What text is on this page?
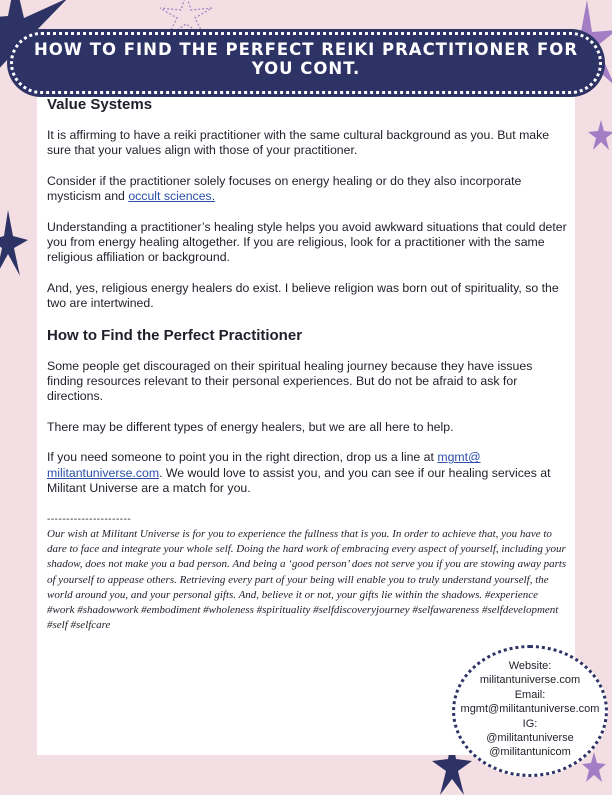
HOW TO FIND THE PERFECT REIKI PRACTITIONER FOR YOU CONT.
Value Systems

It is affirming to have a reiki practitioner with the same cultural background as you. But make sure that your values align with those of your practitioner.

Consider if the practitioner solely focuses on energy healing or do they also incorporate mysticism and occult sciences.

Understanding a practitioner’s healing style helps you avoid awkward situations that could deter you from energy healing altogether. If you are religious, look for a practitioner with the same religious affiliation or background.

And, yes, religious energy healers do exist. I believe religion was born out of spirituality, so the two are intertwined.

How to Find the Perfect Practitioner

Some people get discouraged on their spiritual healing journey because they have issues finding resources relevant to their personal experiences. But do not be afraid to ask for directions.

There may be different types of energy healers, but we are all here to help.

If you need someone to point you in the right direction, drop us a line at mgmt@ militantuniverse.com. We would love to assist you, and you can see if our healing services at Militant Universe are a match for you.

----------------------
Our wish at Militant Universe is for you to experience the fullness that is you. In order to achieve that, you have to dare to face and integrate your whole self. Doing the hard work of embracing every aspect of yourself, including your shadow, does not make you a bad person. And being a ‘good person’ does not serve you if you are stowing away parts of yourself to appease others. Retrieving every part of your being will enable you to truly understand yourself, the world around you, and your personal gifts. And, believe it or not, your gifts lie within the shadows. #experience #work #shadowwork #embodiment #wholeness #spirituality #selfdiscoveryjourney #selfawareness #selfdevelopment #self #selfcare
Website:
militantuniverse.com
Email:
mgmt@militantuniverse.com
IG:
@militantuniverse
@militantunicom
